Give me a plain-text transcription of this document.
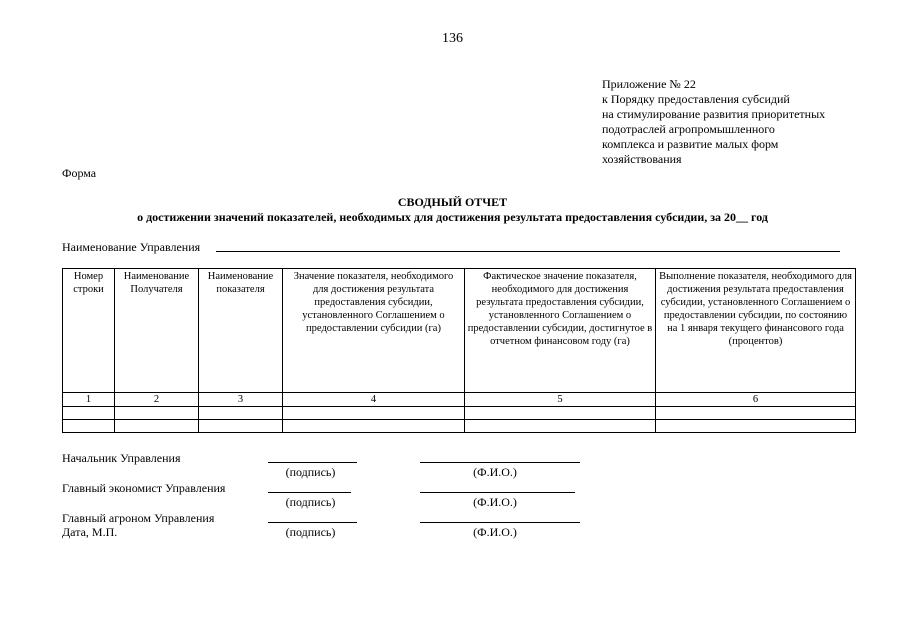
136
Приложение № 22
к Порядку предоставления субсидий
на стимулирование развития приоритетных
подотраслей агропромышленного
комплекса и развитие малых форм
хозяйствования
Форма
СВОДНЫЙ ОТЧЕТ
о достижении значений показателей, необходимых для достижения результата предоставления субсидии, за 20__ год
Наименование Управления
Номер строки	Наименование Получателя	Наименование показателя	Значение показателя, необходимого для достижения результата предоставления субсидии, установленного Соглашением о предоставлении субсидии (га)	Фактическое значение показателя, необходимого для достижения результата предоставления субсидии, установленного Соглашением о предоставлении субсидии, достигнутое в отчетном финансовом году (га)	Выполнение показателя, необходимого для достижения результата предоставления субсидии, установленного Соглашением о предоставлении субсидии, по состоянию на 1 января текущего финансового года (процентов)
1	2	3	4	5	6

Начальник Управления
(подпись)	(Ф.И.О.)
Главный экономист Управления
(подпись)	(Ф.И.О.)
Главный агроном Управления
Дата, М.П.	(подпись)	(Ф.И.О.)
